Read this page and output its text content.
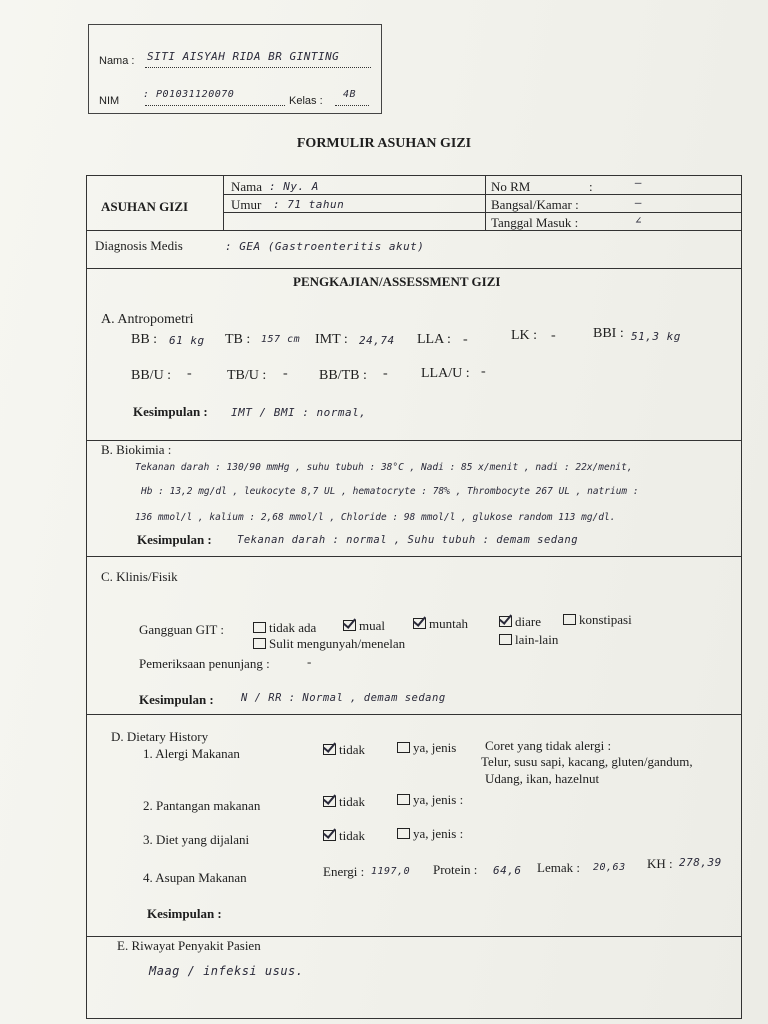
Nama : SITI AISYAH RIDA BR GINTING
NIM
: P01031120070
Kelas :
4B
FORMULIR ASUHAN GIZI
ASUHAN GIZI
Nama : Ny. A
Umur : 71 tahun
No RM	:	—
Bangsal/Kamar :	—
Tanggal Masuk :	∠
Diagnosis Medis	: GEA (Gastroenteritis akut)
PENGKAJIAN/ASSESSMENT GIZI
A. Antropometri
BB : 61 kg TB : 157 cm IMT : 24,74 LLA : -	LK : -	BBI : 51,3 kg
BB/U : -	TB/U : - BB/TB : - LLA/U : -
Kesimpulan : IMT / BMI : normal,
B. Biokimia :
Tekanan darah : 130/90 mmHg , suhu tubuh : 38°C , Nadi : 85 x/menit , nadi : 22x/menit,
Hb : 13,2 mg/dl , leukocyte 8,7 UL , hematocryte : 78% , Thrombocyte 267 UL , natrium :
136 mmol/l , kalium : 2,68 mmol/l , Chloride : 98 mmol/l , glukose random 113 mg/dl.
Kesimpulan : Tekanan darah : normal , Suhu tubuh : demam sedang
C. Klinis/Fisik
Gangguan GIT :	tidak ada	mual	muntah	diare	konstipasi
Sulit mengunyah/menelan	lain-lain
Pemeriksaan penunjang :	-
Kesimpulan :	N / RR : Normal , demam sedang
D. Dietary History
1. Alergi Makanan	tidak	ya, jenis Coret yang tidak alergi :
Telur, susu sapi, kacang, gluten/gandum,
Udang, ikan, hazelnut
2. Pantangan makanan	tidak	ya, jenis :
3. Diet yang dijalani	tidak	ya, jenis :
4. Asupan Makanan	Energi : 1197,0 Protein : 64,6 Lemak : 20,63 KH : 278,39
Kesimpulan :
E. Riwayat Penyakit Pasien
Maag / infeksi usus.
